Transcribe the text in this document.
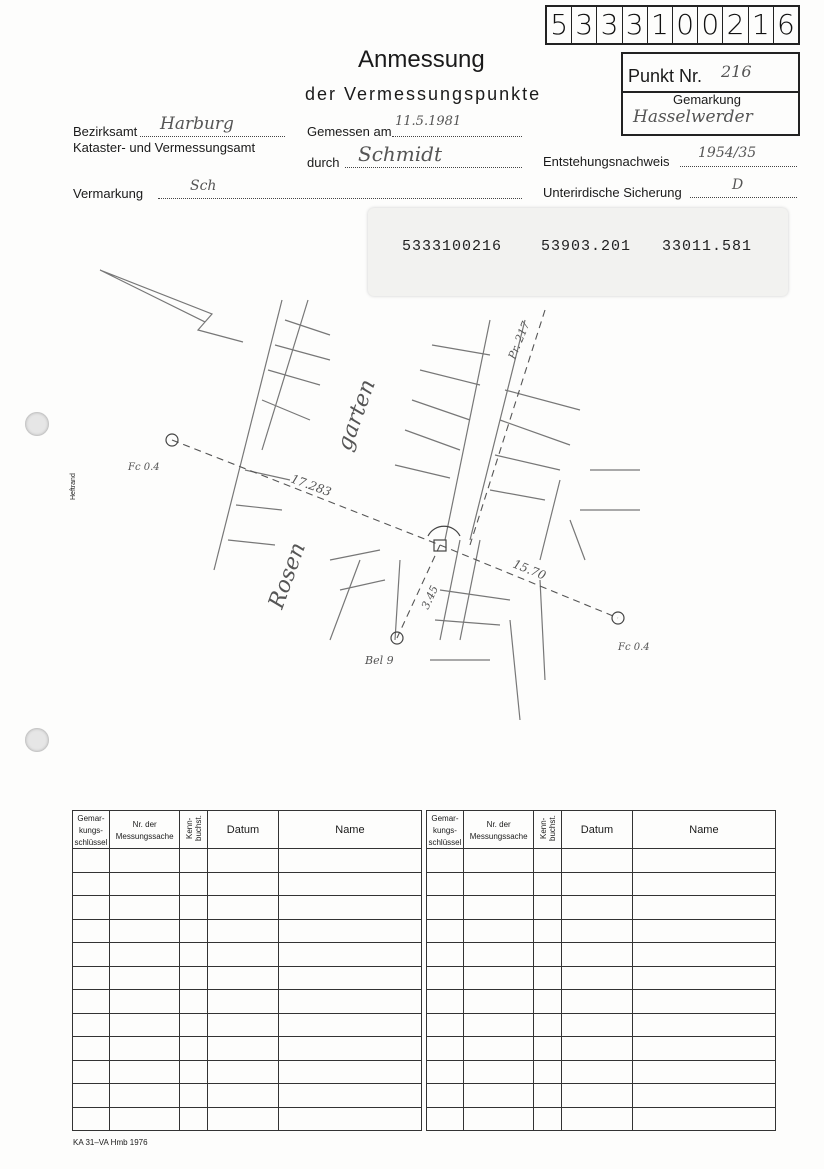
5 3 3 3 1 0 0 2 1 6
Anmessung
der Vermessungspunkte
Punkt Nr. 216
Gemarkung
Hasselwerder
Bezirksamt Harburg
Kataster- und Vermessungsamt
Gemessen am
11.5.1981
durch Schmidt	Entstehungsnachweis
1954/35
Vermarkung	Sch	Unterirdische Sicherung	D
5333100216	53903.201 33011.581
Heftrand
Rosen
garten
17.283
15.70
3.45
Pr. 217
Fc 0.4
Fc 0.4
Bel 9
Gemar-kungs-schlüssel	Nr. der Messungssache	Kenn-buchst.	Datum	Name

Gemar-kungs-schlüssel	Nr. der Messungssache	Kenn-buchst.	Datum	Name

KA 31–VA Hmb 1976
